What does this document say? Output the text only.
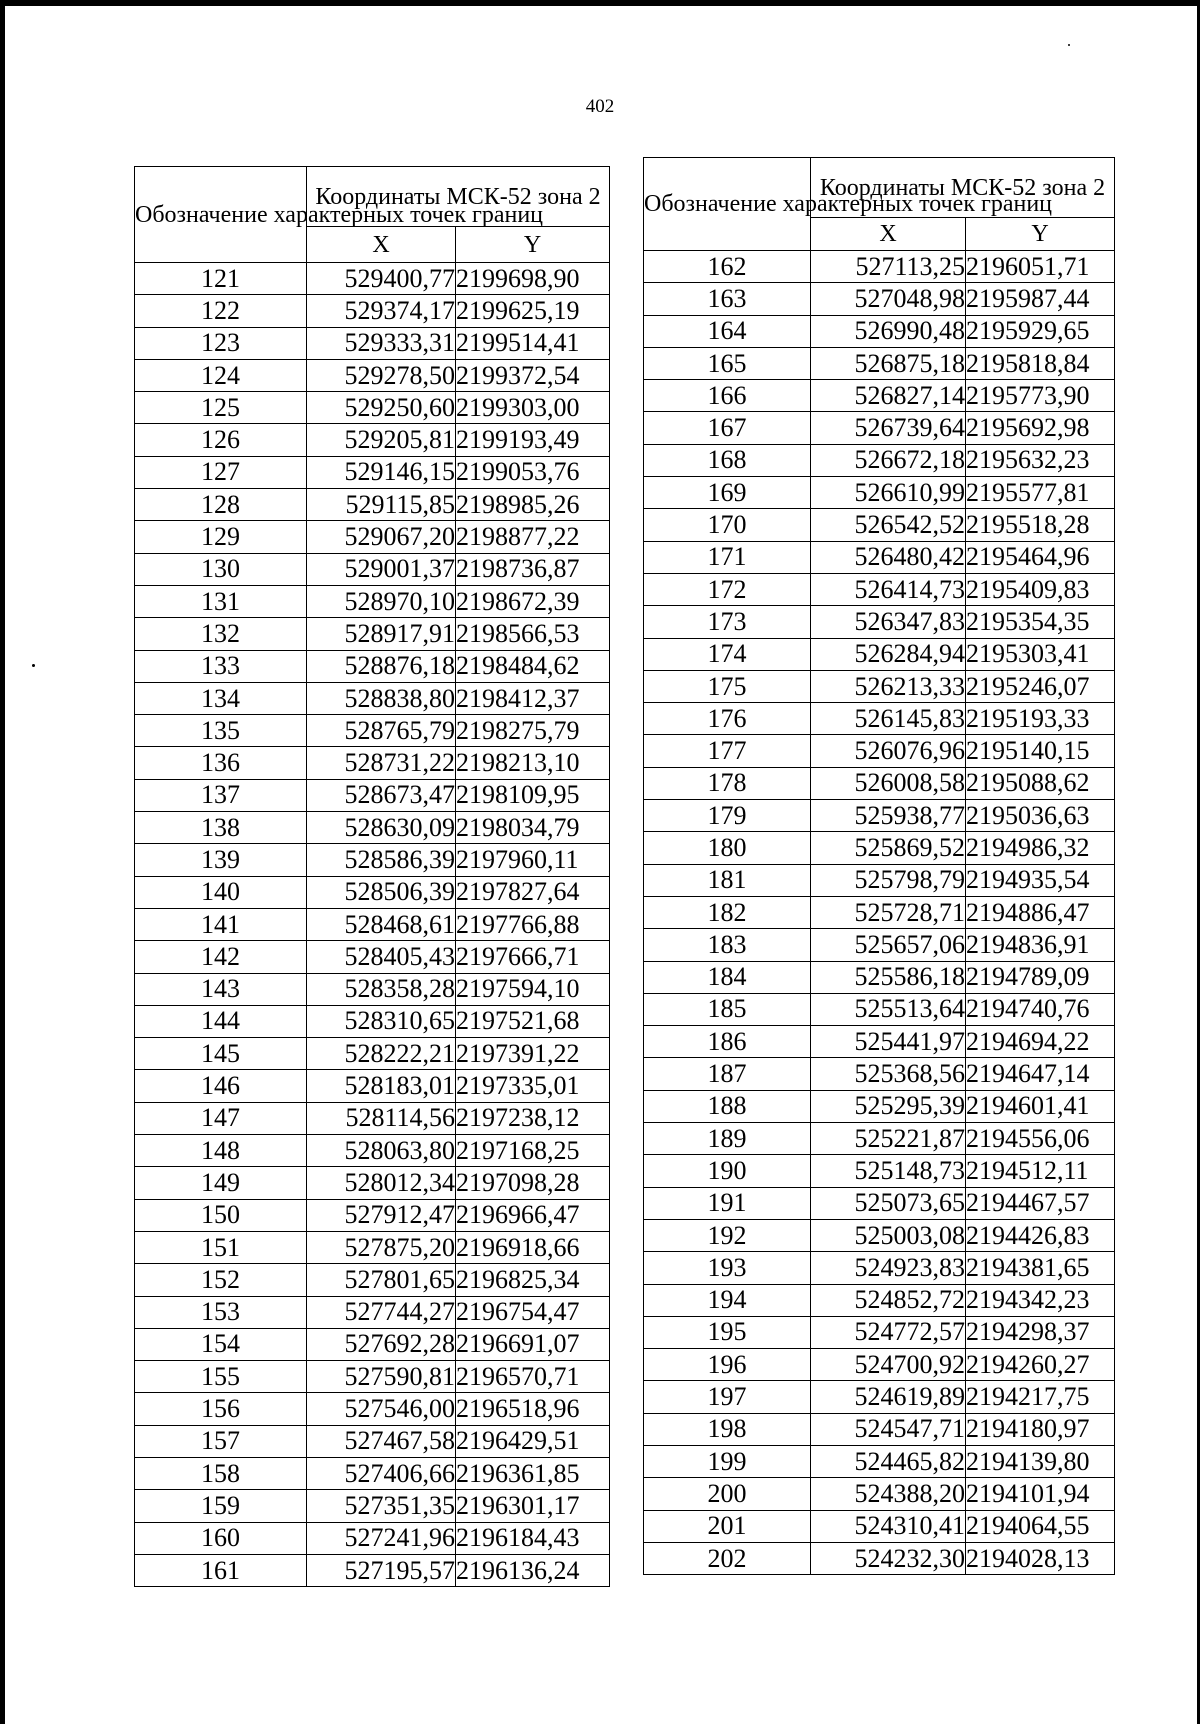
402
Обозначение характерных точек границ	Координаты МСК-52 зона 2	
	X	Y
121	529400,77	2199698,90
122	529374,17	2199625,19
123	529333,31	2199514,41
124	529278,50	2199372,54
125	529250,60	2199303,00
126	529205,81	2199193,49
127	529146,15	2199053,76
128	529115,85	2198985,26
129	529067,20	2198877,22
130	529001,37	2198736,87
131	528970,10	2198672,39
132	528917,91	2198566,53
133	528876,18	2198484,62
134	528838,80	2198412,37
135	528765,79	2198275,79
136	528731,22	2198213,10
137	528673,47	2198109,95
138	528630,09	2198034,79
139	528586,39	2197960,11
140	528506,39	2197827,64
141	528468,61	2197766,88
142	528405,43	2197666,71
143	528358,28	2197594,10
144	528310,65	2197521,68
145	528222,21	2197391,22
146	528183,01	2197335,01
147	528114,56	2197238,12
148	528063,80	2197168,25
149	528012,34	2197098,28
150	527912,47	2196966,47
151	527875,20	2196918,66
152	527801,65	2196825,34
153	527744,27	2196754,47
154	527692,28	2196691,07
155	527590,81	2196570,71
156	527546,00	2196518,96
157	527467,58	2196429,51
158	527406,66	2196361,85
159	527351,35	2196301,17
160	527241,96	2196184,43
161	527195,57	2196136,24
Обозначение характерных точек границ	Координаты МСК-52 зона 2	
	X	Y
162	527113,25	2196051,71
163	527048,98	2195987,44
164	526990,48	2195929,65
165	526875,18	2195818,84
166	526827,14	2195773,90
167	526739,64	2195692,98
168	526672,18	2195632,23
169	526610,99	2195577,81
170	526542,52	2195518,28
171	526480,42	2195464,96
172	526414,73	2195409,83
173	526347,83	2195354,35
174	526284,94	2195303,41
175	526213,33	2195246,07
176	526145,83	2195193,33
177	526076,96	2195140,15
178	526008,58	2195088,62
179	525938,77	2195036,63
180	525869,52	2194986,32
181	525798,79	2194935,54
182	525728,71	2194886,47
183	525657,06	2194836,91
184	525586,18	2194789,09
185	525513,64	2194740,76
186	525441,97	2194694,22
187	525368,56	2194647,14
188	525295,39	2194601,41
189	525221,87	2194556,06
190	525148,73	2194512,11
191	525073,65	2194467,57
192	525003,08	2194426,83
193	524923,83	2194381,65
194	524852,72	2194342,23
195	524772,57	2194298,37
196	524700,92	2194260,27
197	524619,89	2194217,75
198	524547,71	2194180,97
199	524465,82	2194139,80
200	524388,20	2194101,94
201	524310,41	2194064,55
202	524232,30	2194028,13
